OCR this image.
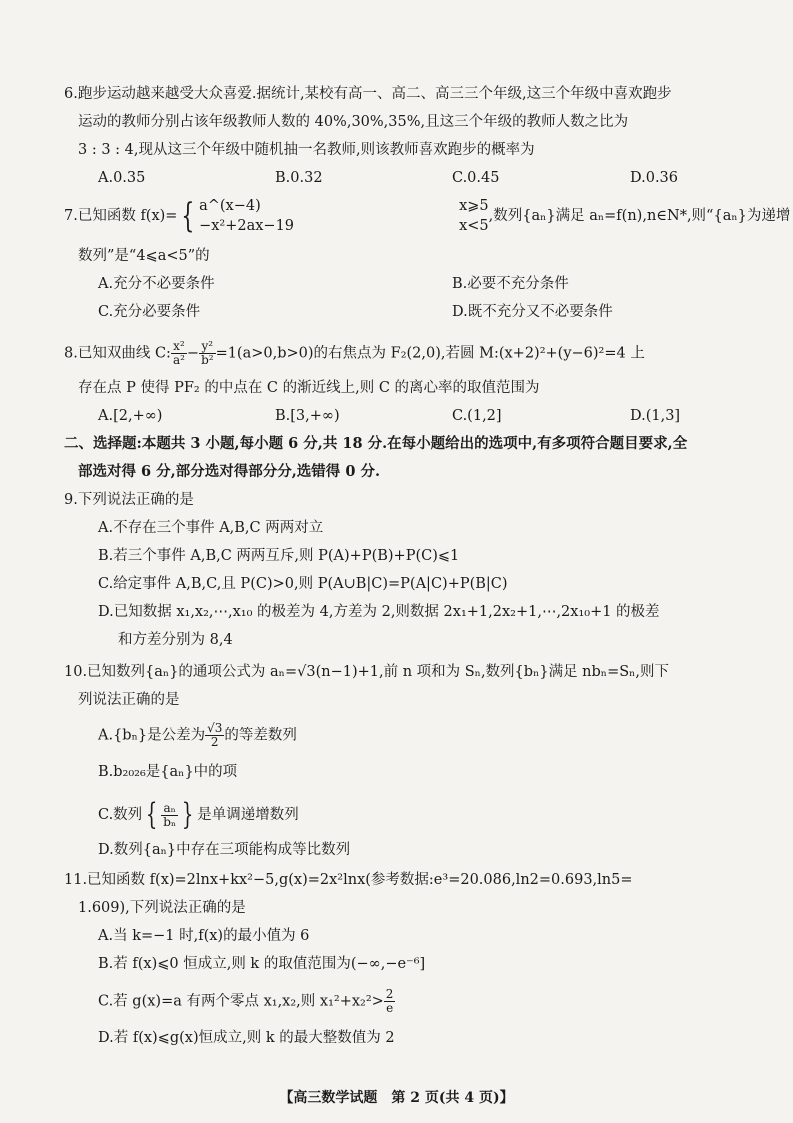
6.跑步运动越来越受大众喜爱.据统计,某校有高一、高二、高三三个年级,这三个年级中喜欢跑步
运动的教师分别占该年级教师人数的 40%,30%,35%,且这三个年级的教师人数之比为
3 : 3 : 4,现从这三个年级中随机抽一名教师,则该教师喜欢跑步的概率为
A.0.35	B.0.32	C.0.45	D.0.36
7.已知函数 f(x)= { a^(x−4)	x⩾5
−x²+2ax−19	x<5
,数列{aₙ}满足 aₙ=f(n),n∈N*,则“{aₙ}为递增
数列”是“4⩽a<5”的
A.充分不必要条件	B.必要不充分条件
C.充分必要条件	D.既不充分又不必要条件
8.已知双曲线 C: $\frac{\text{x²}}{\text{a²}} - \frac{\text{y²}}{\text{b²}} =1(a>0,b>0)$的右焦点为 F₂(2,0),若圆 M:(x+2)²+(y−6)²=4 上
存在点 P 使得 PF₂ 的中点在 C 的渐近线上,则 C 的离心率的取值范围为
A.[2,+∞)	B.[3,+∞)	C.(1,2]	D.(1,3]
二、选择题:本题共 3 小题,每小题 6 分,共 18 分.在每小题给出的选项中,有多项符合题目要求,全
部选对得 6 分,部分选对得部分分,选错得 0 分.
9.下列说法正确的是
A.不存在三个事件 A,B,C 两两对立
B.若三个事件 A,B,C 两两互斥,则 P(A)+P(B)+P(C)⩽1
C.给定事件 A,B,C,且 P(C)>0,则 P(A∪B|C)=P(A|C)+P(B|C)
D.已知数据 x₁,x₂,⋯,x₁₀ 的极差为 4,方差为 2,则数据 2x₁+1,2x₂+1,⋯,2x₁₀+1 的极差
和方差分别为 8,4
10.已知数列{aₙ}的通项公式为 aₙ=√3(n−1)+1,前 n 项和为 Sₙ,数列{bₙ}满足 nbₙ=Sₙ,则下
列说法正确的是
A.{bₙ}是公差为 $\frac{√3}{2}$ 的等差数列
B.b₂₀₂₆是{aₙ}中的项
C.数列 { $\frac{\text{aₙ}}{\text{bₙ}}$ } 是单调递增数列
D.数列{aₙ}中存在三项能构成等比数列
11.已知函数 f(x)=2lnx+kx²−5,g(x)=2x²lnx(参考数据:e³=20.086,ln2=0.693,ln5=
1.609),下列说法正确的是
A.当 k=−1 时,f(x)的最小值为 6
B.若 f(x)⩽0 恒成立,则 k 的取值范围为(−∞,−e⁻⁶]
C.若 g(x)=a 有两个零点 x₁,x₂,则 $x_1^2+x_2^2> \frac{2}{e}$
D.若 f(x)⩽g(x)恒成立,则 k 的最大整数值为 2
【高三数学试题　第 2 页(共 4 页)】
